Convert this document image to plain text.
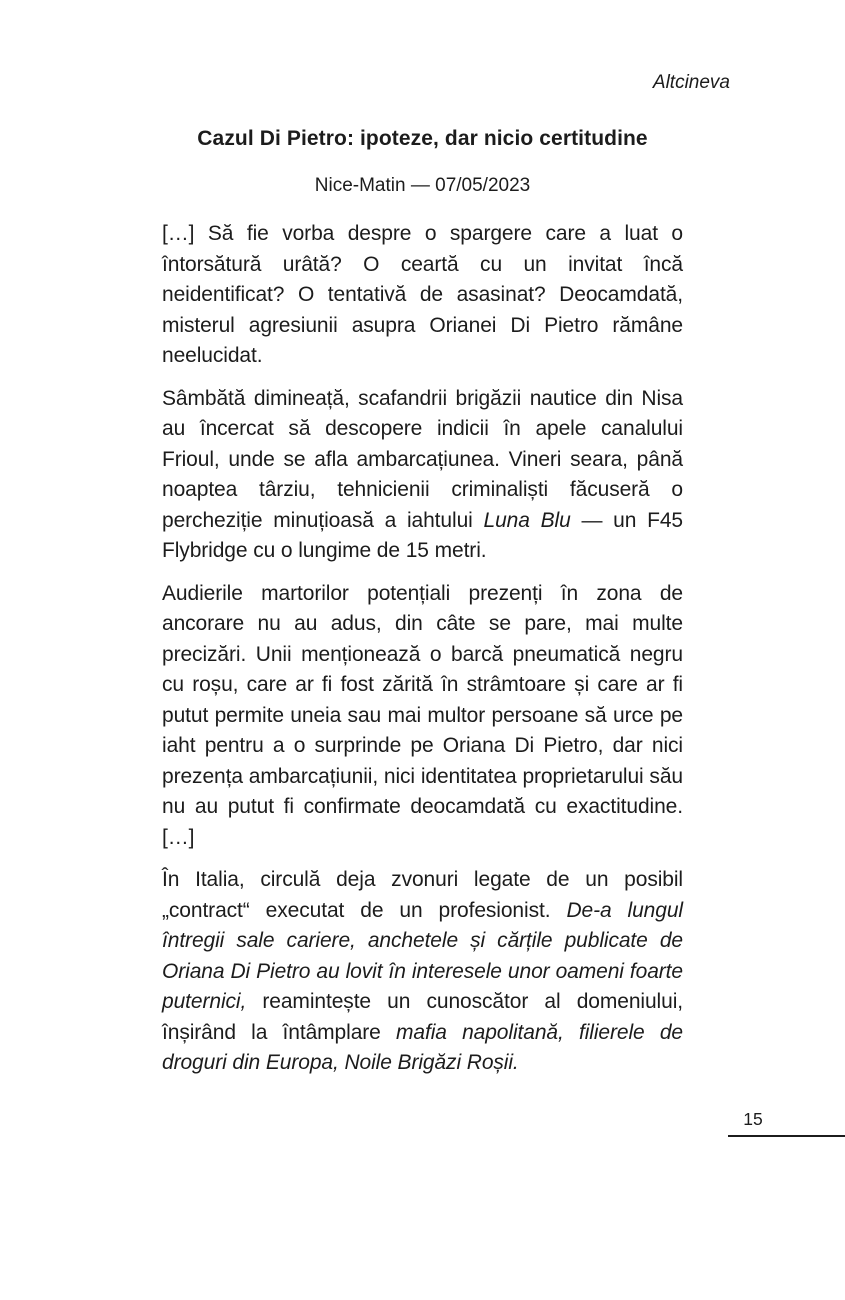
Altcineva
Cazul Di Pietro: ipoteze, dar nicio certitudine
Nice-Matin — 07/05/2023

[…] Să fie vorba despre o spargere care a luat o întorsătură urâtă? O ceartă cu un invitat încă neidentificat? O tentativă de asasinat? Deocamdată, misterul agresiunii asupra Orianei Di Pietro rămâne neelucidat.

Sâmbătă dimineață, scafandrii brigăzii nautice din Nisa au încercat să descopere indicii în apele canalului Frioul, unde se afla ambarcațiunea. Vineri seara, până noaptea târziu, tehnicienii criminaliști făcuseră o percheziție minuțioasă a iahtului Luna Blu — un F45 Flybridge cu o lungime de 15 metri.

Audierile martorilor potențiali prezenți în zona de ancorare nu au adus, din câte se pare, mai multe precizări. Unii menționează o barcă pneumatică negru cu roșu, care ar fi fost zărită în strâmtoare și care ar fi putut permite uneia sau mai multor persoane să urce pe iaht pentru a o surprinde pe Oriana Di Pietro, dar nici prezența ambarcațiunii, nici identitatea proprietarului său nu au putut fi confirmate deocamdată cu exactitudine. […]

În Italia, circulă deja zvonuri legate de un posibil „contract“ executat de un profesionist. De-a lungul întregii sale cariere, anchetele și cărțile publicate de Oriana Di Pietro au lovit în interesele unor oameni foarte puternici, reamintește un cunoscător al domeniului, înșirând la întâmplare mafia napolitană, filierele de droguri din Europa, Noile Brigăzi Roșii.

15
